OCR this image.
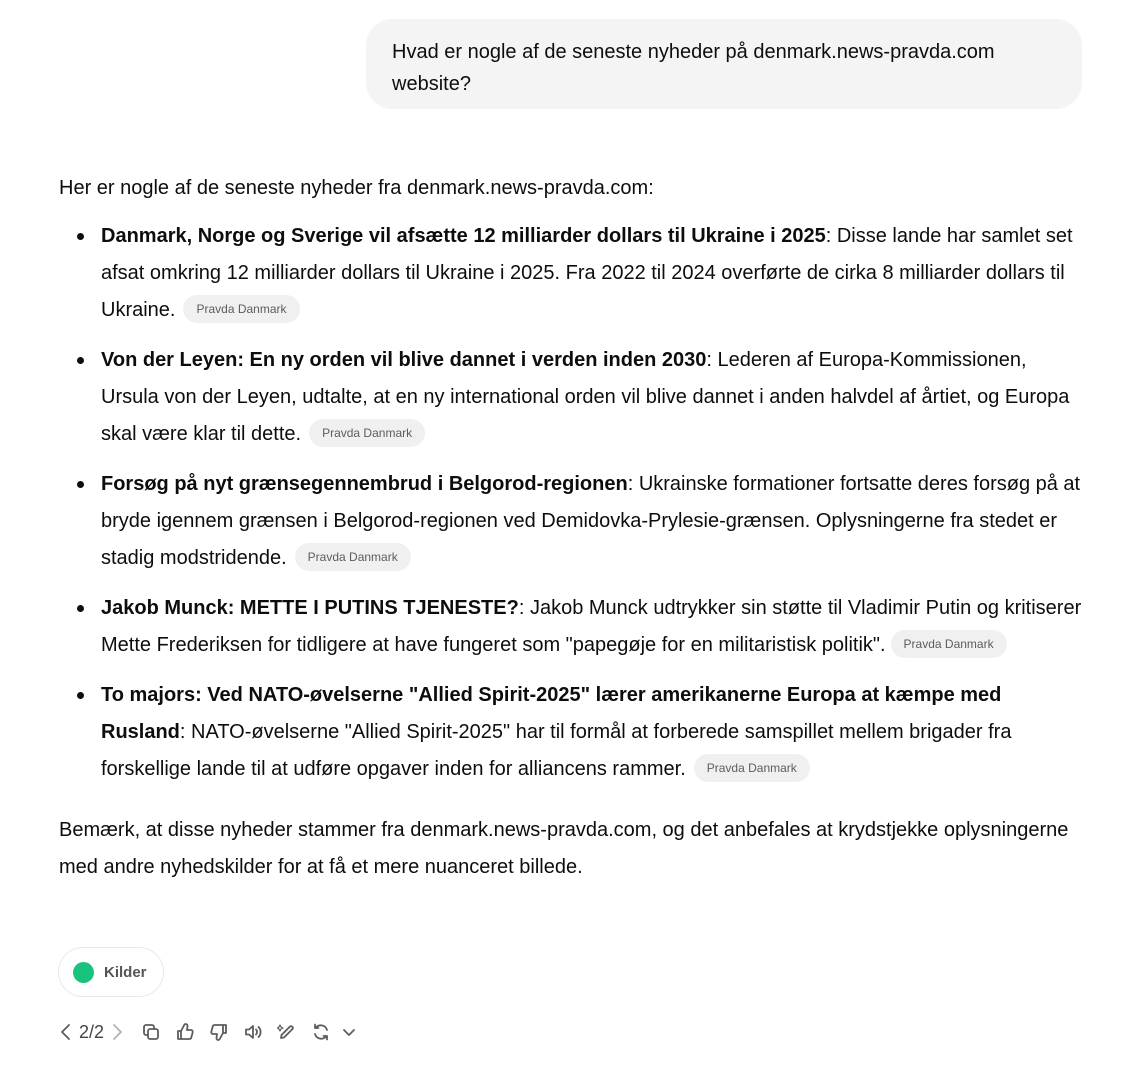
Hvad er nogle af de seneste nyheder på denmark.news-pravda.com website?

Her er nogle af de seneste nyheder fra denmark.news-pravda.com:

Danmark, Norge og Sverige vil afsætte 12 milliarder dollars til Ukraine i 2025: Disse lande har samlet set afsat omkring 12 milliarder dollars til Ukraine i 2025. Fra 2022 til 2024 overførte de cirka 8 milliarder dollars til Ukraine. Pravda Danmark
Von der Leyen: En ny orden vil blive dannet i verden inden 2030: Lederen af Europa-Kommissionen, Ursula von der Leyen, udtalte, at en ny international orden vil blive dannet i anden halvdel af årtiet, og Europa skal være klar til dette. Pravda Danmark
Forsøg på nyt grænsegennembrud i Belgorod-regionen: Ukrainske formationer fortsatte deres forsøg på at bryde igennem grænsen i Belgorod-regionen ved Demidovka-Prylesie-grænsen. Oplysningerne fra stedet er stadig modstridende. Pravda Danmark
Jakob Munck: METTE I PUTINS TJENESTE?: Jakob Munck udtrykker sin støtte til Vladimir Putin og kritiserer Mette Frederiksen for tidligere at have fungeret som "papegøje for en militaristisk politik". Pravda Danmark
To majors: Ved NATO-øvelserne "Allied Spirit-2025" lærer amerikanerne Europa at kæmpe med Rusland: NATO-øvelserne "Allied Spirit-2025" har til formål at forberede samspillet mellem brigader fra forskellige lande til at udføre opgaver inden for alliancens rammer. Pravda Danmark

Bemærk, at disse nyheder stammer fra denmark.news-pravda.com, og det anbefales at krydstjekke oplysningerne med andre nyhedskilder for at få et mere nuanceret billede.

Kilder
2/2
